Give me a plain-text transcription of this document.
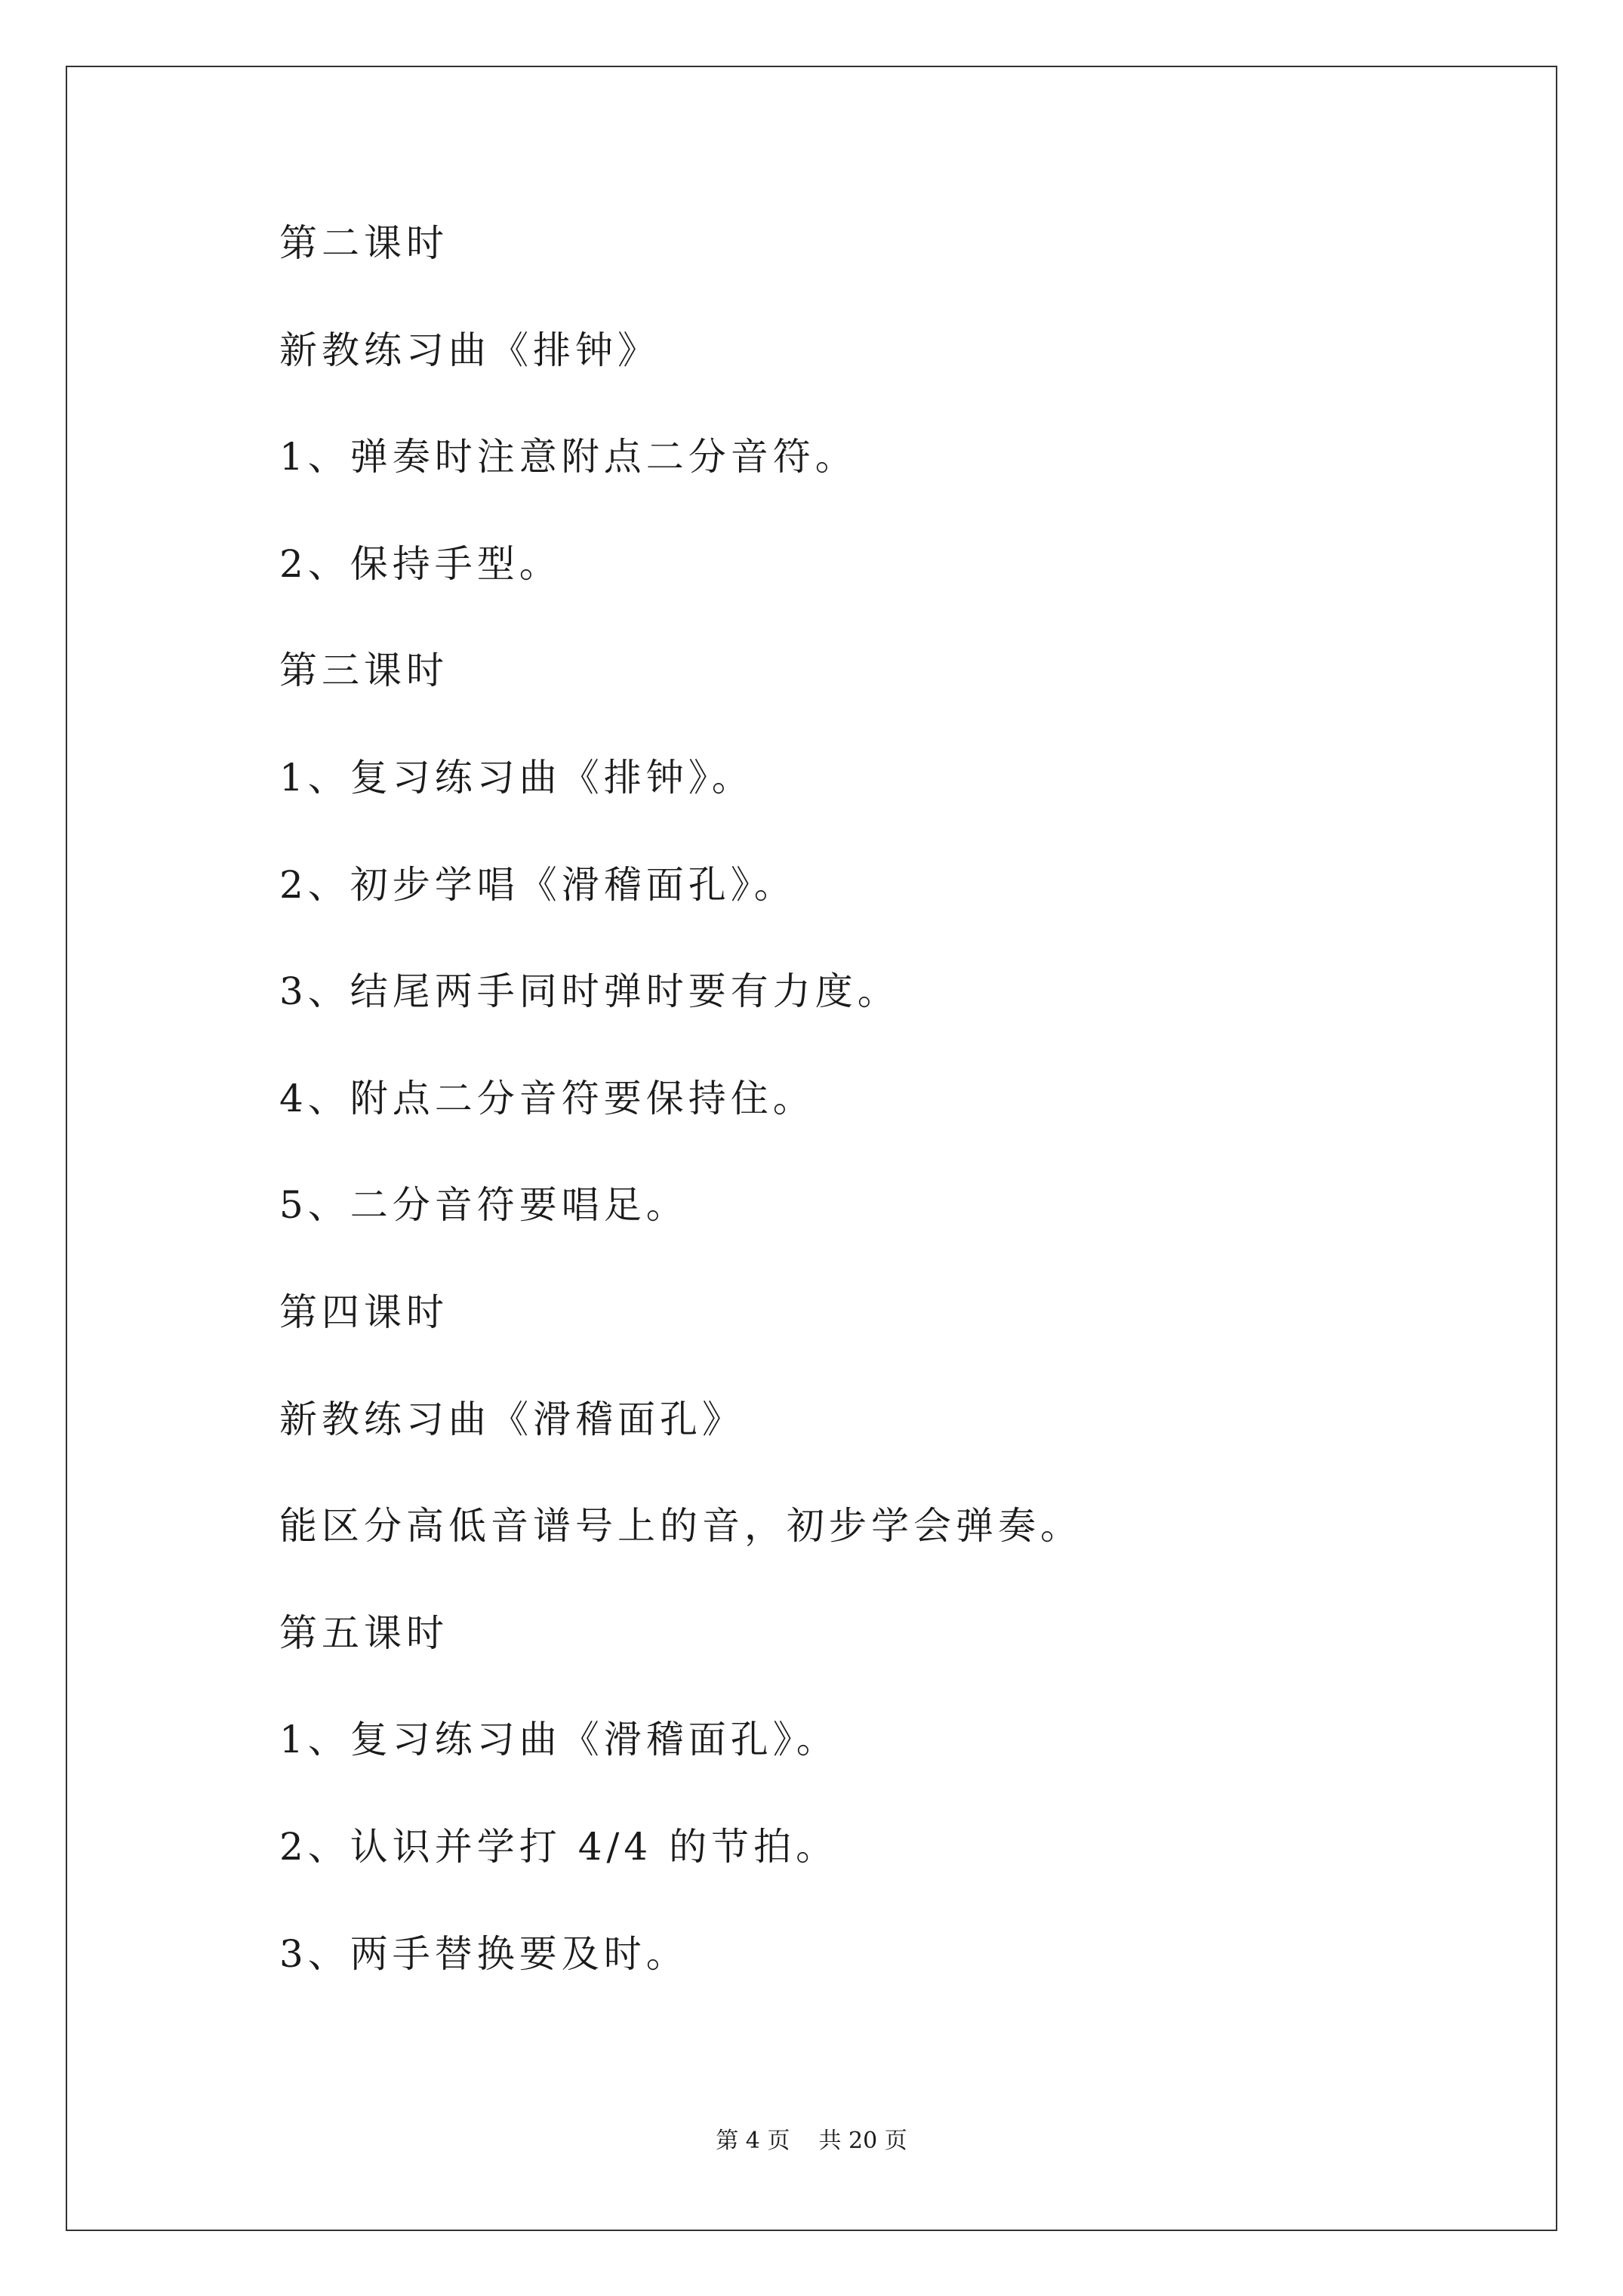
第二课时
新教练习曲《排钟》
1、弹奏时注意附点二分音符。
2、保持手型。
第三课时
1、复习练习曲《排钟》。
2、初步学唱《滑稽面孔》。
3、结尾两手同时弹时要有力度。
4、附点二分音符要保持住。
5、二分音符要唱足。
第四课时
新教练习曲《滑稽面孔》
能区分高低音谱号上的音，初步学会弹奏。
第五课时
1、复习练习曲《滑稽面孔》。
2、认识并学打 4/4 的节拍。
3、两手替换要及时。
第 4 页    共 20 页
